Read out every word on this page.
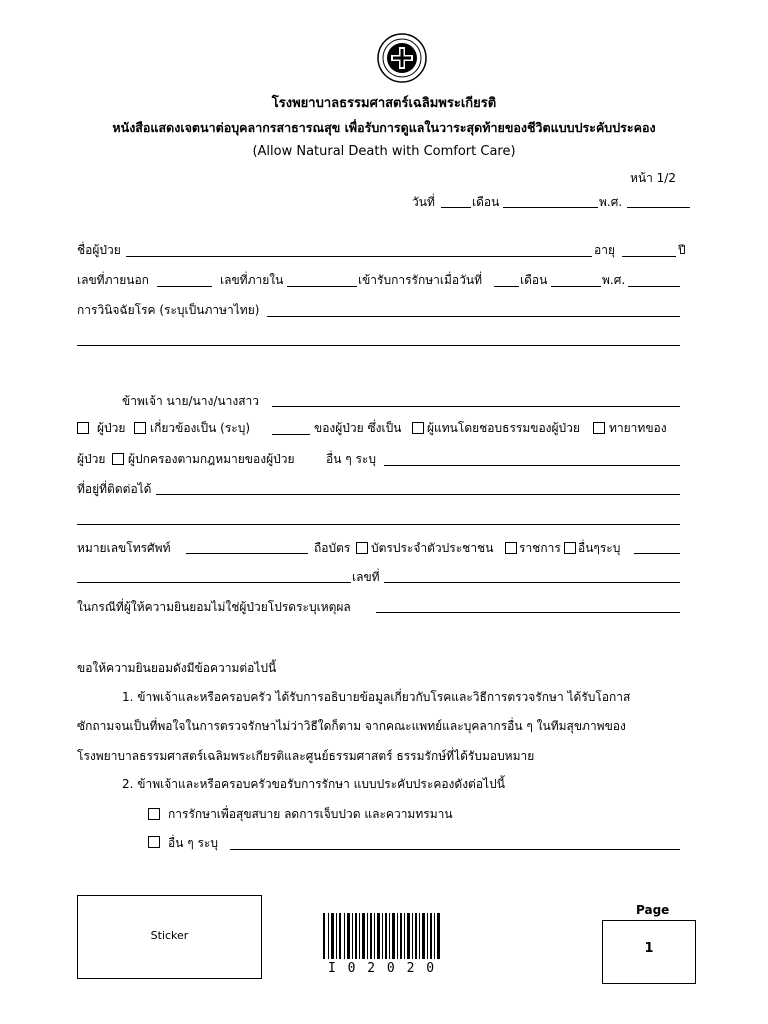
โรงพยาบาลธรรมศาสตร์เฉลิมพระเกียรติ
หนังสือแสดงเจตนาต่อบุคลากรสาธารณสุข เพื่อรับการดูแลในวาระสุดท้ายของชีวิตแบบประคับประคอง
(Allow Natural Death with Comfort Care)
หน้า 1/2
วันที่	เดือน	พ.ศ.
ชื่อผู้ป่วย	อายุ	ปี
เลขที่ภายนอก	เลขที่ภายใน	เข้ารับการรักษาเมื่อวันที่	เดือน	พ.ศ.
การวินิจฉัยโรค (ระบุเป็นภาษาไทย)
ข้าพเจ้า นาย/นาง/นางสาว
ผู้ป่วย เกี่ยวข้องเป็น (ระบุ)	ของผู้ป่วย ซึ่งเป็น ผู้แทนโดยชอบธรรมของผู้ป่วย ทายาทของ
ผู้ป่วย ผู้ปกครองตามกฎหมายของผู้ป่วย	อื่น ๆ ระบุ
ที่อยู่ที่ติดต่อได้
หมายเลขโทรศัพท์	ถือบัตร บัตรประจำตัวประชาชน ราชการ อื่นๆระบุ
เลขที่
ในกรณีที่ผู้ให้ความยินยอมไม่ใช่ผู้ป่วยโปรดระบุเหตุผล
ขอให้ความยินยอมดังมีข้อความต่อไปนี้
1. ข้าพเจ้าและหรือครอบครัว ได้รับการอธิบายข้อมูลเกี่ยวกับโรคและวิธีการตรวจรักษา ได้รับโอกาส
ซักถามจนเป็นที่พอใจในการตรวจรักษาไม่ว่าวิธีใดก็ตาม จากคณะแพทย์และบุคลากรอื่น ๆ ในทีมสุขภาพของ
โรงพยาบาลธรรมศาสตร์เฉลิมพระเกียรติและศูนย์ธรรมศาสตร์ ธรรมรักษ์ที่ได้รับมอบหมาย
2. ข้าพเจ้าและหรือครอบครัวขอรับการรักษา แบบประคับประคองดังต่อไปนี้
การรักษาเพื่อสุขสบาย ลดการเจ็บปวด และความทรมาน
อื่น ๆ ระบุ
Sticker
I 0 2 0 2 0
Page
1
